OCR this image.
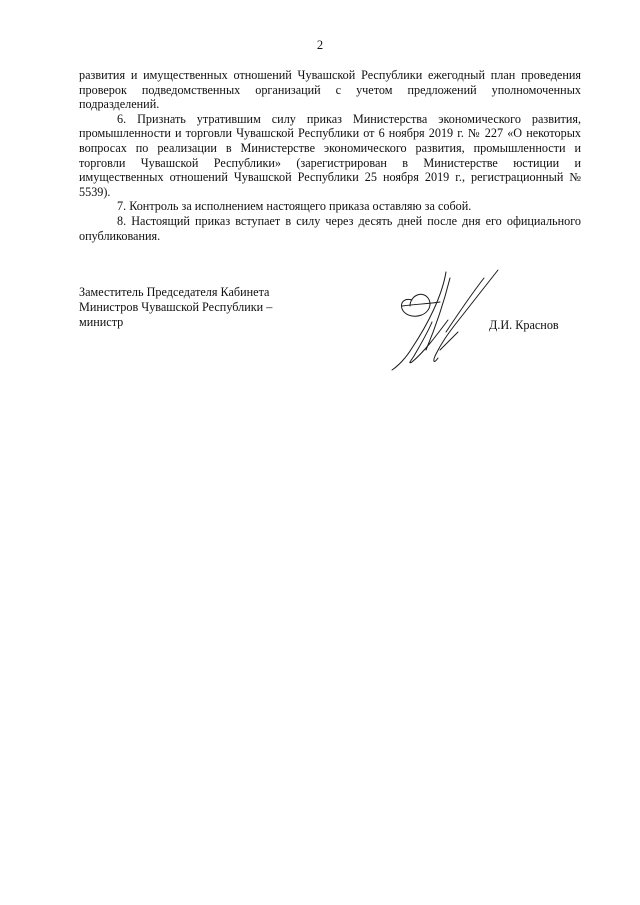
2

развития и имущественных отношений Чувашской Республики ежегодный план проведения проверок подведомственных организаций с учетом предложений уполномоченных подразделений.

6. Признать утратившим силу приказ Министерства экономического развития, промышленности и торговли Чувашской Республики от 6 ноября 2019 г. № 227 «О некоторых вопросах по реализации в Министерстве экономического развития, промышленности и торговли Чувашской Республики» (зарегистрирован в Министерстве юстиции и имущественных отношений Чувашской Республики 25 ноября 2019 г., регистрационный № 5539).

7. Контроль за исполнением настоящего приказа оставляю за собой.

8. Настоящий приказ вступает в силу через десять дней после дня его официального опубликования.

Заместитель Председателя Кабинета
Министров Чувашской Республики –
министр	Д.И. Краснов
